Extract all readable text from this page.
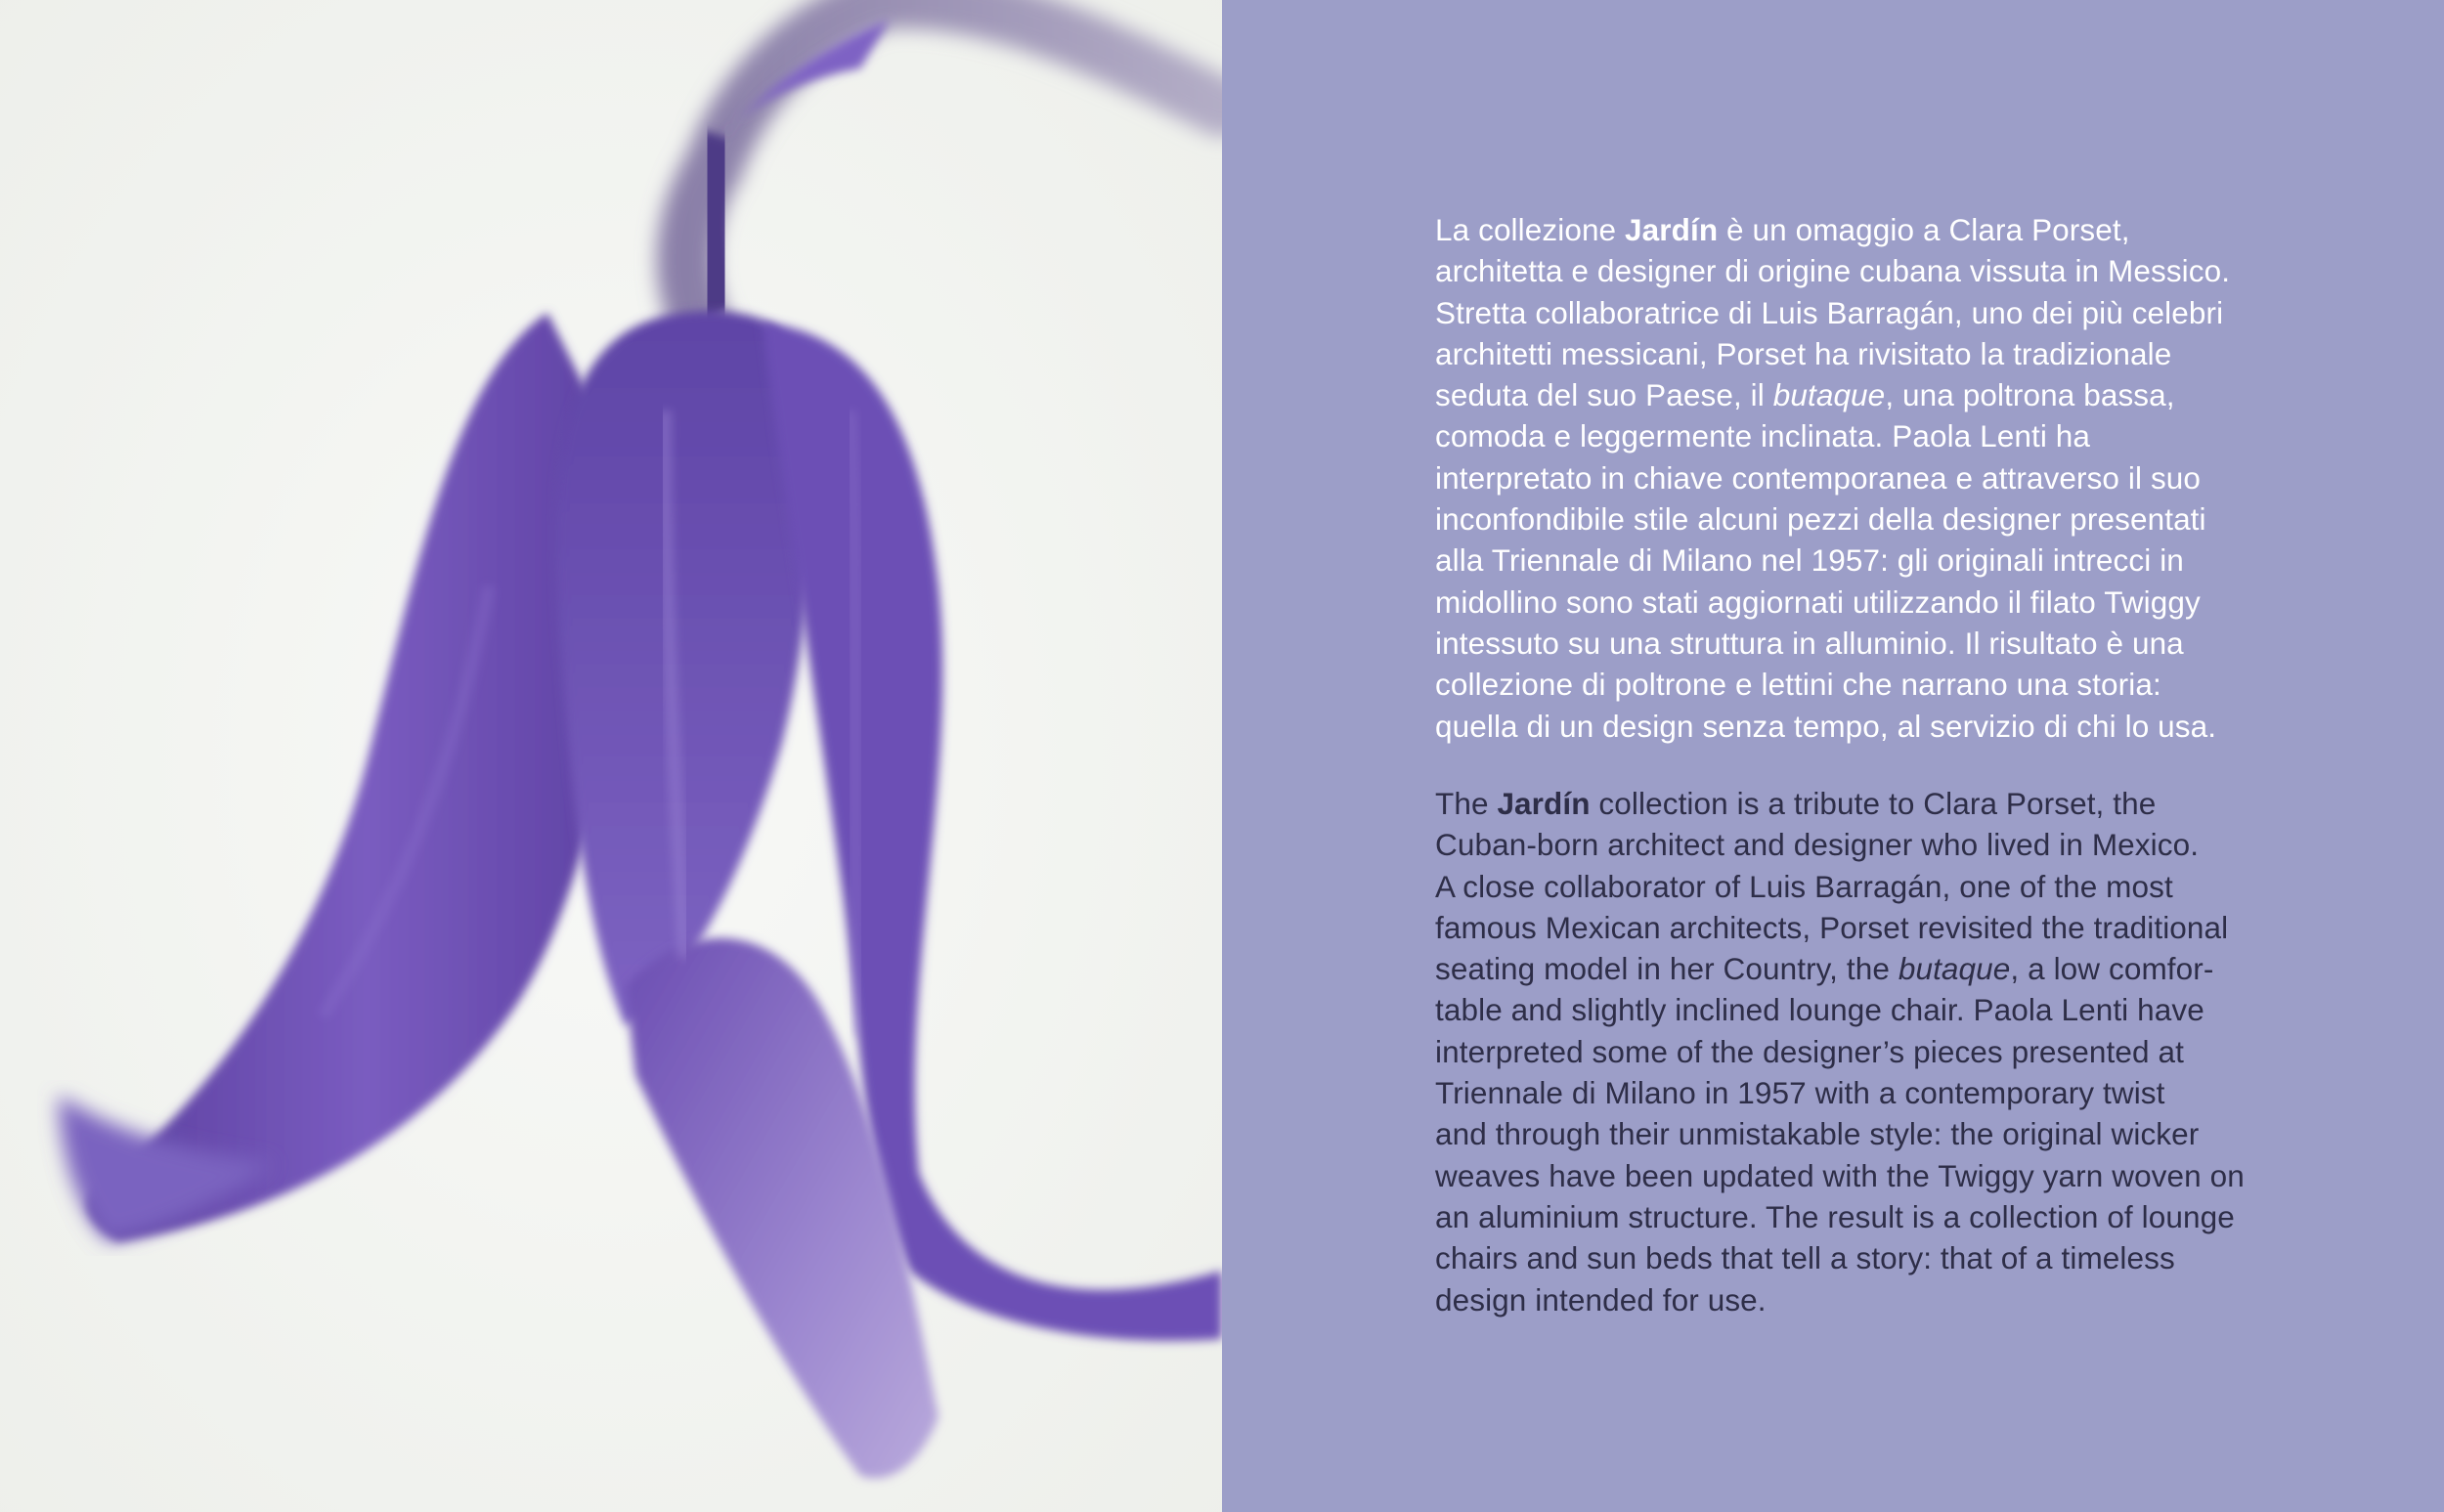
La collezione Jardín è un omaggio a Clara Porset,
architetta e designer di origine cubana vissuta in Messico.
Stretta collaboratrice di Luis Barragán, uno dei più celebri
architetti messicani, Porset ha rivisitato la tradizionale
seduta del suo Paese, il butaque, una poltrona bassa,
comoda e leggermente inclinata. Paola Lenti ha
interpretato in chiave contemporanea e attraverso il suo
inconfondibile stile alcuni pezzi della designer presentati
alla Triennale di Milano nel 1957: gli originali intrecci in
midollino sono stati aggiornati utilizzando il filato Twiggy
intessuto su una struttura in alluminio. Il risultato è una
collezione di poltrone e lettini che narrano una storia:
quella di un design senza tempo, al servizio di chi lo usa.

The Jardín collection is a tribute to Clara Porset, the
Cuban-born architect and designer who lived in Mexico.
A close collaborator of Luis Barragán, one of the most
famous Mexican architects, Porset revisited the traditional
seating model in her Country, the butaque, a low comfor-
table and slightly inclined lounge chair. Paola Lenti have
interpreted some of the designer’s pieces presented at
Triennale di Milano in 1957 with a contemporary twist
and through their unmistakable style: the original wicker
weaves have been updated with the Twiggy yarn woven on
an aluminium structure. The result is a collection of lounge
chairs and sun beds that tell a story: that of a timeless
design intended for use.
